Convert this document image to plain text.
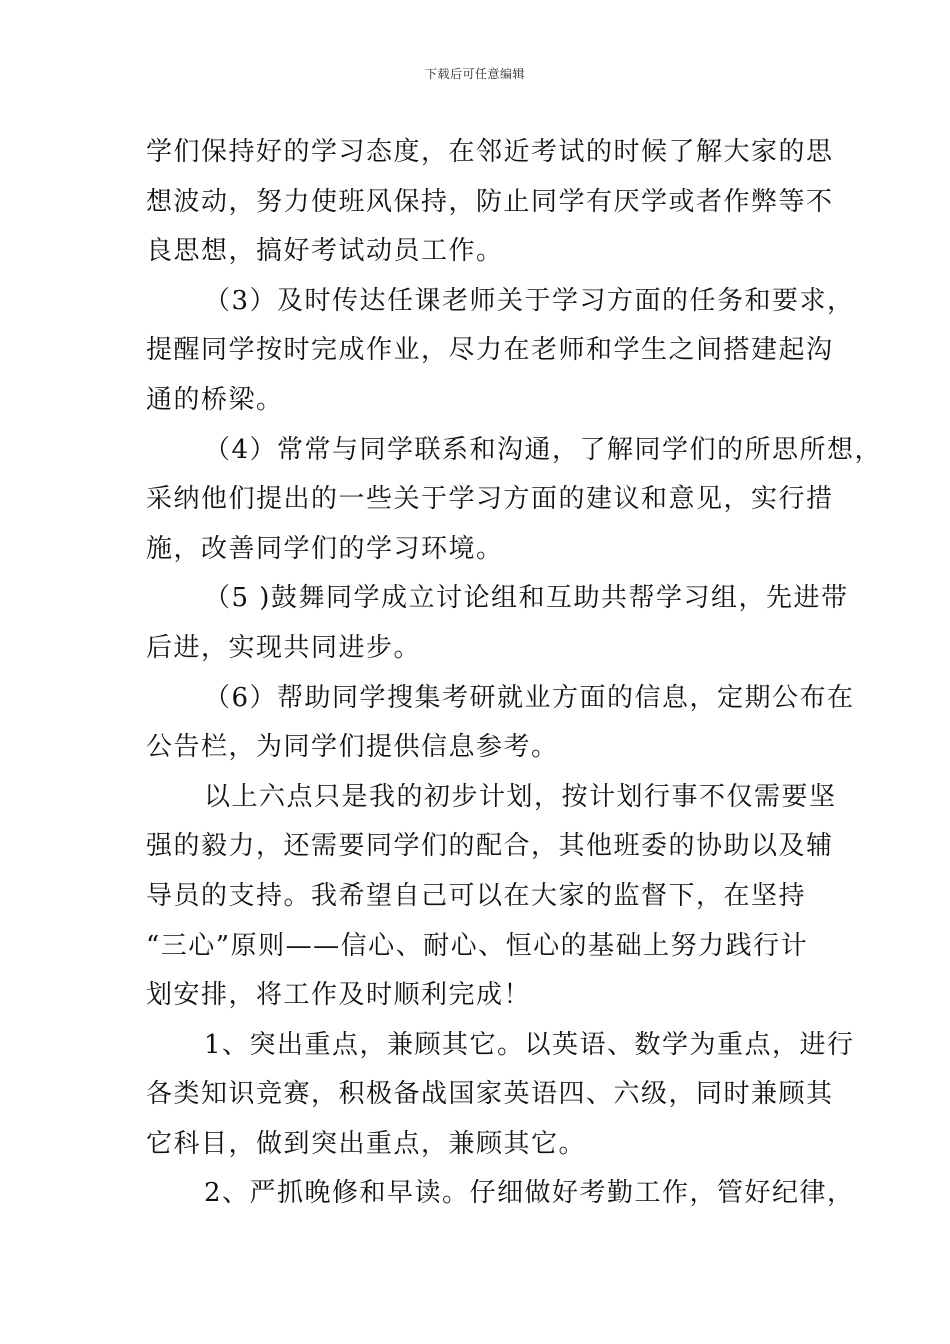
下载后可任意编辑

学们保持好的学习态度，在邻近考试的时候了解大家的思
想波动，努力使班风保持，防止同学有厌学或者作弊等不
良思想，搞好考试动员工作。

（3）及时传达任课老师关于学习方面的任务和要求，
提醒同学按时完成作业，尽力在老师和学生之间搭建起沟
通的桥梁。

（4）常常与同学联系和沟通，了解同学们的所思所想，
采纳他们提出的一些关于学习方面的建议和意见，实行措
施，改善同学们的学习环境。

（5 )鼓舞同学成立讨论组和互助共帮学习组，先进带
后进，实现共同进步。

（6）帮助同学搜集考研就业方面的信息，定期公布在
公告栏，为同学们提供信息参考。

以上六点只是我的初步计划，按计划行事不仅需要坚
强的毅力，还需要同学们的配合，其他班委的协助以及辅
导员的支持。我希望自己可以在大家的监督下，在坚持
“三心”原则——信心、耐心、恒心的基础上努力践行计
划安排，将工作及时顺利完成！

1、突出重点，兼顾其它。以英语、数学为重点，进行
各类知识竞赛，积极备战国家英语四、六级，同时兼顾其
它科目，做到突出重点，兼顾其它。

2、严抓晚修和早读。仔细做好考勤工作，管好纪律，
